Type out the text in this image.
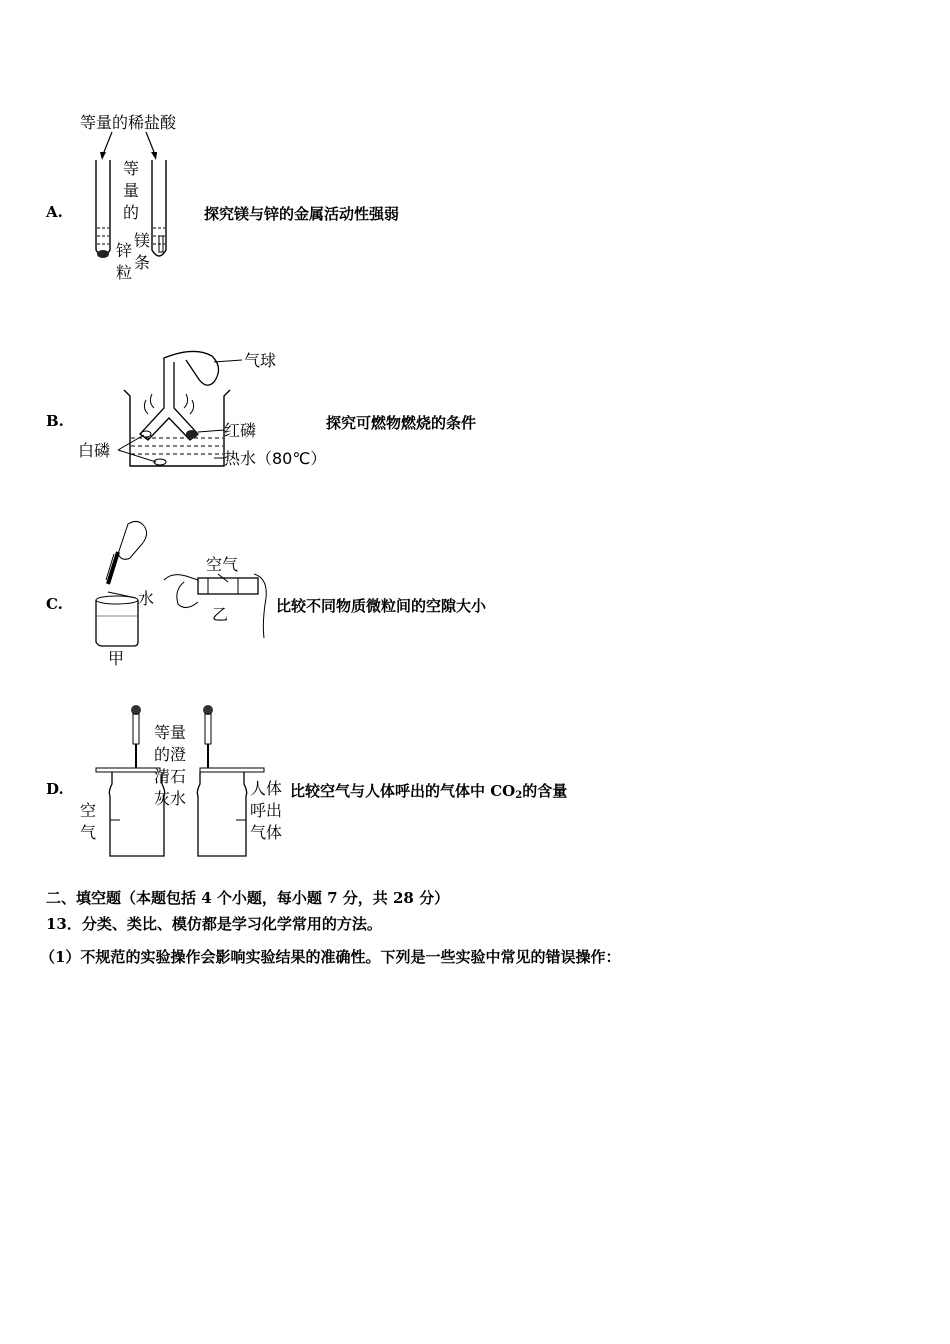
A.
等量的稀盐酸
等
量
的
锌
粒
镁
条
探究镁与锌的金属活动性强弱
B.
气球
红磷
白磷	热水（80℃）
探究可燃物燃烧的条件
C.	水
甲
空气
乙	比较不同物质微粒间的空隙大小
D.
等量
的澄
清石
灰水
空
气
人体
呼出
气体
比较空气与人体呼出的气体中 $CO_2$的含量
二、填空题（本题包括 4 个小题，每小题 7 分，共 28 分）
13．分类、类比、模仿都是学习化学常用的方法。
（1）不规范的实验操作会影响实验结果的准确性。下列是一些实验中常见的错误操作：
